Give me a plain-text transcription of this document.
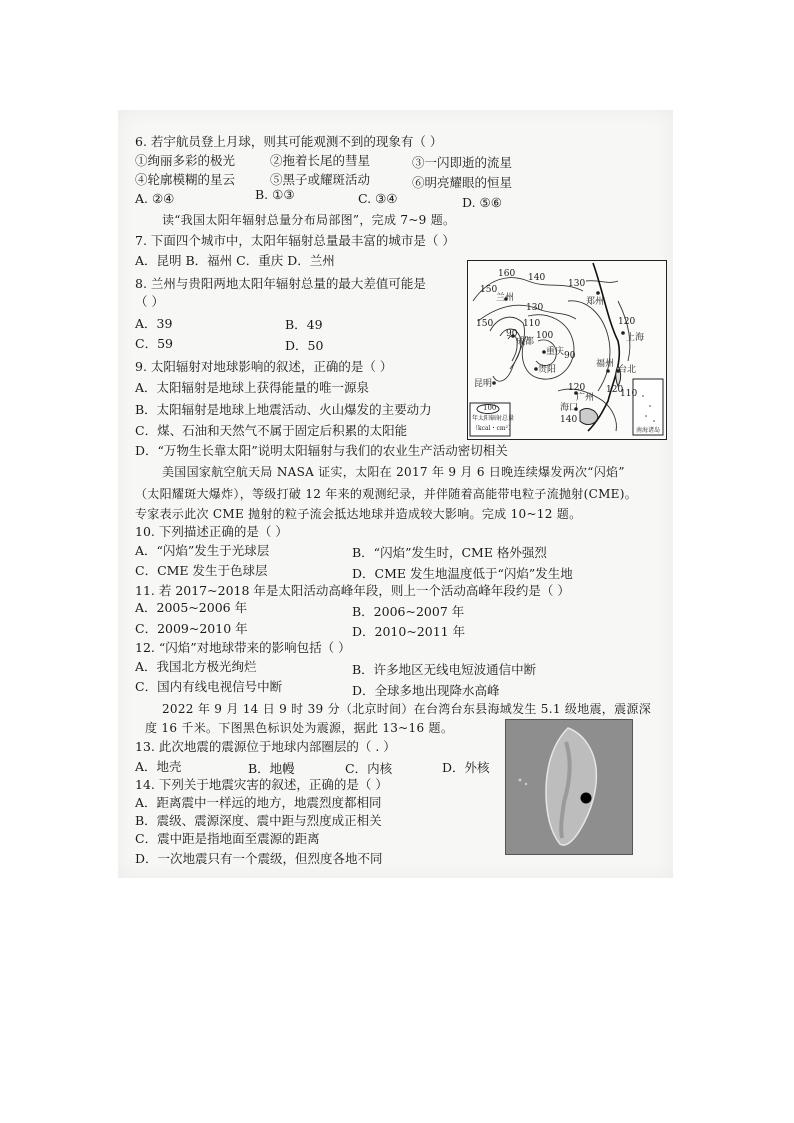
6. 若宇航员登上月球，则其可能观测不到的现象有（ ）
①绚丽多彩的极光	②拖着长尾的彗星	③一闪即逝的流星
④轮廓模糊的星云	⑤黑子或耀斑活动	⑥明亮耀眼的恒星
A. ②④	B. ①③	C. ③④	D. ⑤⑥
读“我国太阳年辐射总量分布局部图”，完成 7~9 题。
7. 下面四个城市中，太阳年辐射总量最丰富的城市是（ ）
A．昆明 B．福州 C．重庆 D．兰州
8. 兰州与贵阳两地太阳年辐射总量的最大差值可能是
（ ）
A．39	B．49
C．59	D．50
9. 太阳辐射对地球影响的叙述，正确的是（ ）
A．太阳辐射是地球上获得能量的唯一源泉
B．太阳辐射是地球上地震活动、火山爆发的主要动力
C．煤、石油和天然气不属于固定后积累的太阳能
D．“万物生长靠太阳”说明太阳辐射与我们的农业生产活动密切相关
160
150
140
130
兰州
130
郑州
150	110
90
成都
100
120
上海
重庆 90
贵阳
福州
台北
昆明	120
广州
120
110
海口
140
100
年太阳辐射总量
（kcal・cm²）	南海诸岛
美国国家航空航天局 NASA 证实，太阳在 2017 年 9 月 6 日晚连续爆发两次“闪焰”
（太阳耀斑大爆炸），等级打破 12 年来的观测纪录，并伴随着高能带电粒子流抛射(CME)。
专家表示此次 CME 抛射的粒子流会抵达地球并造成较大影响。完成 10~12 题。
10. 下列描述正确的是（ ）
A．“闪焰”发生于光球层	B．“闪焰”发生时，CME 格外强烈
C．CME 发生于色球层	D．CME 发生地温度低于“闪焰”发生地
11. 若 2017~2018 年是太阳活动高峰年段，则上一个活动高峰年段约是（ ）
A．2005~2006 年	B．2006~2007 年
C．2009~2010 年	D．2010~2011 年
12. “闪焰”对地球带来的影响包括（ ）
A．我国北方极光绚烂	B．许多地区无线电短波通信中断
C．国内有线电视信号中断	D．全球多地出现降水高峰
2022 年 9 月 14 日 9 时 39 分（北京时间）在台湾台东县海域发生 5.1 级地震，震源深
度 16 千米。下图黑色标识处为震源，据此 13~16 题。
13. 此次地震的震源位于地球内部圈层的（ . ）
A．地壳	B．地幔	C．内核	D．外核
14. 下列关于地震灾害的叙述，正确的是（ ）
A．距离震中一样远的地方，地震烈度都相同
B．震级、震源深度、震中距与烈度成正相关
C．震中距是指地面至震源的距离
D．一次地震只有一个震级，但烈度各地不同
